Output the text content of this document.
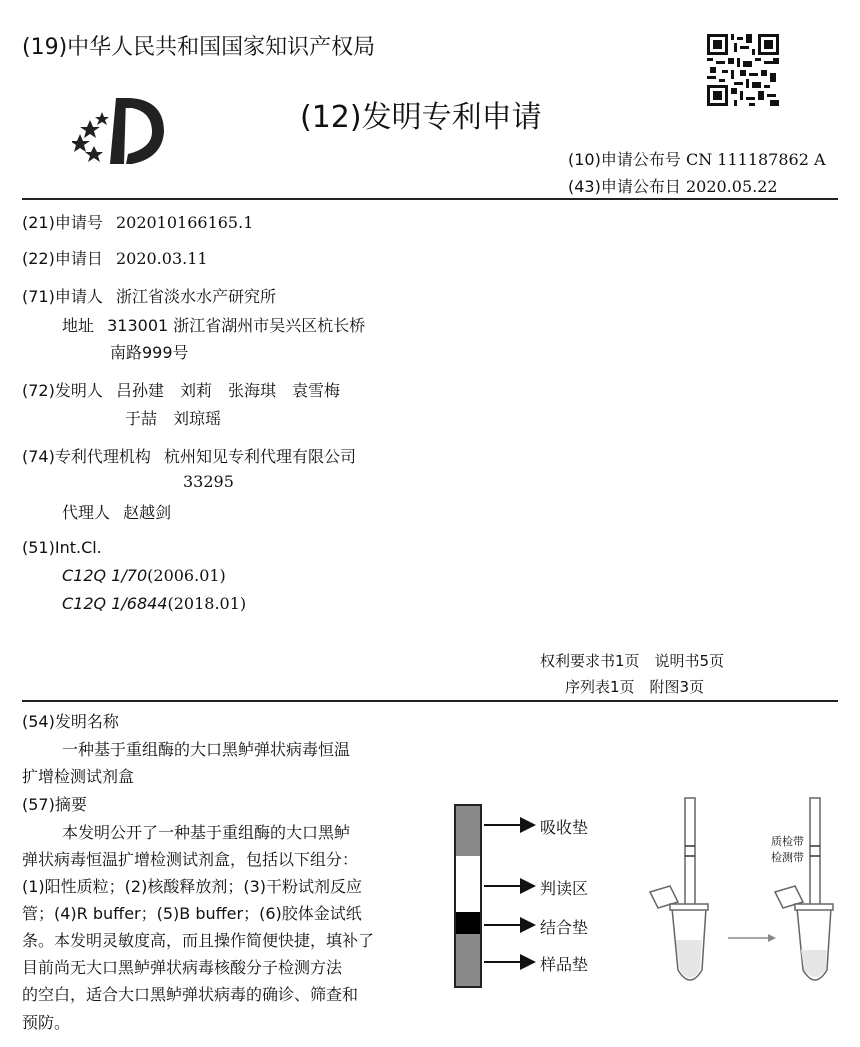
(19)中华人民共和国国家知识产权局
(12)发明专利申请
(10)申请公布号 CN 111187862 A
(43)申请公布日 2020.05.22
(21)申请号 202010166165.1
(22)申请日 2020.03.11
(71)申请人 浙江省淡水水产研究所
地址 313001 浙江省湖州市吴兴区杭长桥
南路999号
(72)发明人 吕孙建　刘莉　张海琪　袁雪梅
于喆　刘琼瑶
(74)专利代理机构 杭州知见专利代理有限公司
33295
代理人 赵越剑
(51)Int.Cl.
C12Q 1/70(2006.01)
C12Q 1/6844(2018.01)
权利要求书1页　说明书5页
序列表1页　附图3页
(54)发明名称
一种基于重组酶的大口黑鲈弹状病毒恒温
扩增检测试剂盒
(57)摘要
本发明公开了一种基于重组酶的大口黑鲈
弹状病毒恒温扩增检测试剂盒，包括以下组分：
(1)阳性质粒；(2)核酸释放剂；(3)干粉试剂反应
管；(4)R buffer；(5)B buffer；(6)胶体金试纸
条。本发明灵敏度高，而且操作简便快捷，填补了
目前尚无大口黑鲈弹状病毒核酸分子检测方法
的空白，适合大口黑鲈弹状病毒的确诊、筛查和
预防。
吸收垫
判读区
结合垫
样品垫
质检带
检测带
